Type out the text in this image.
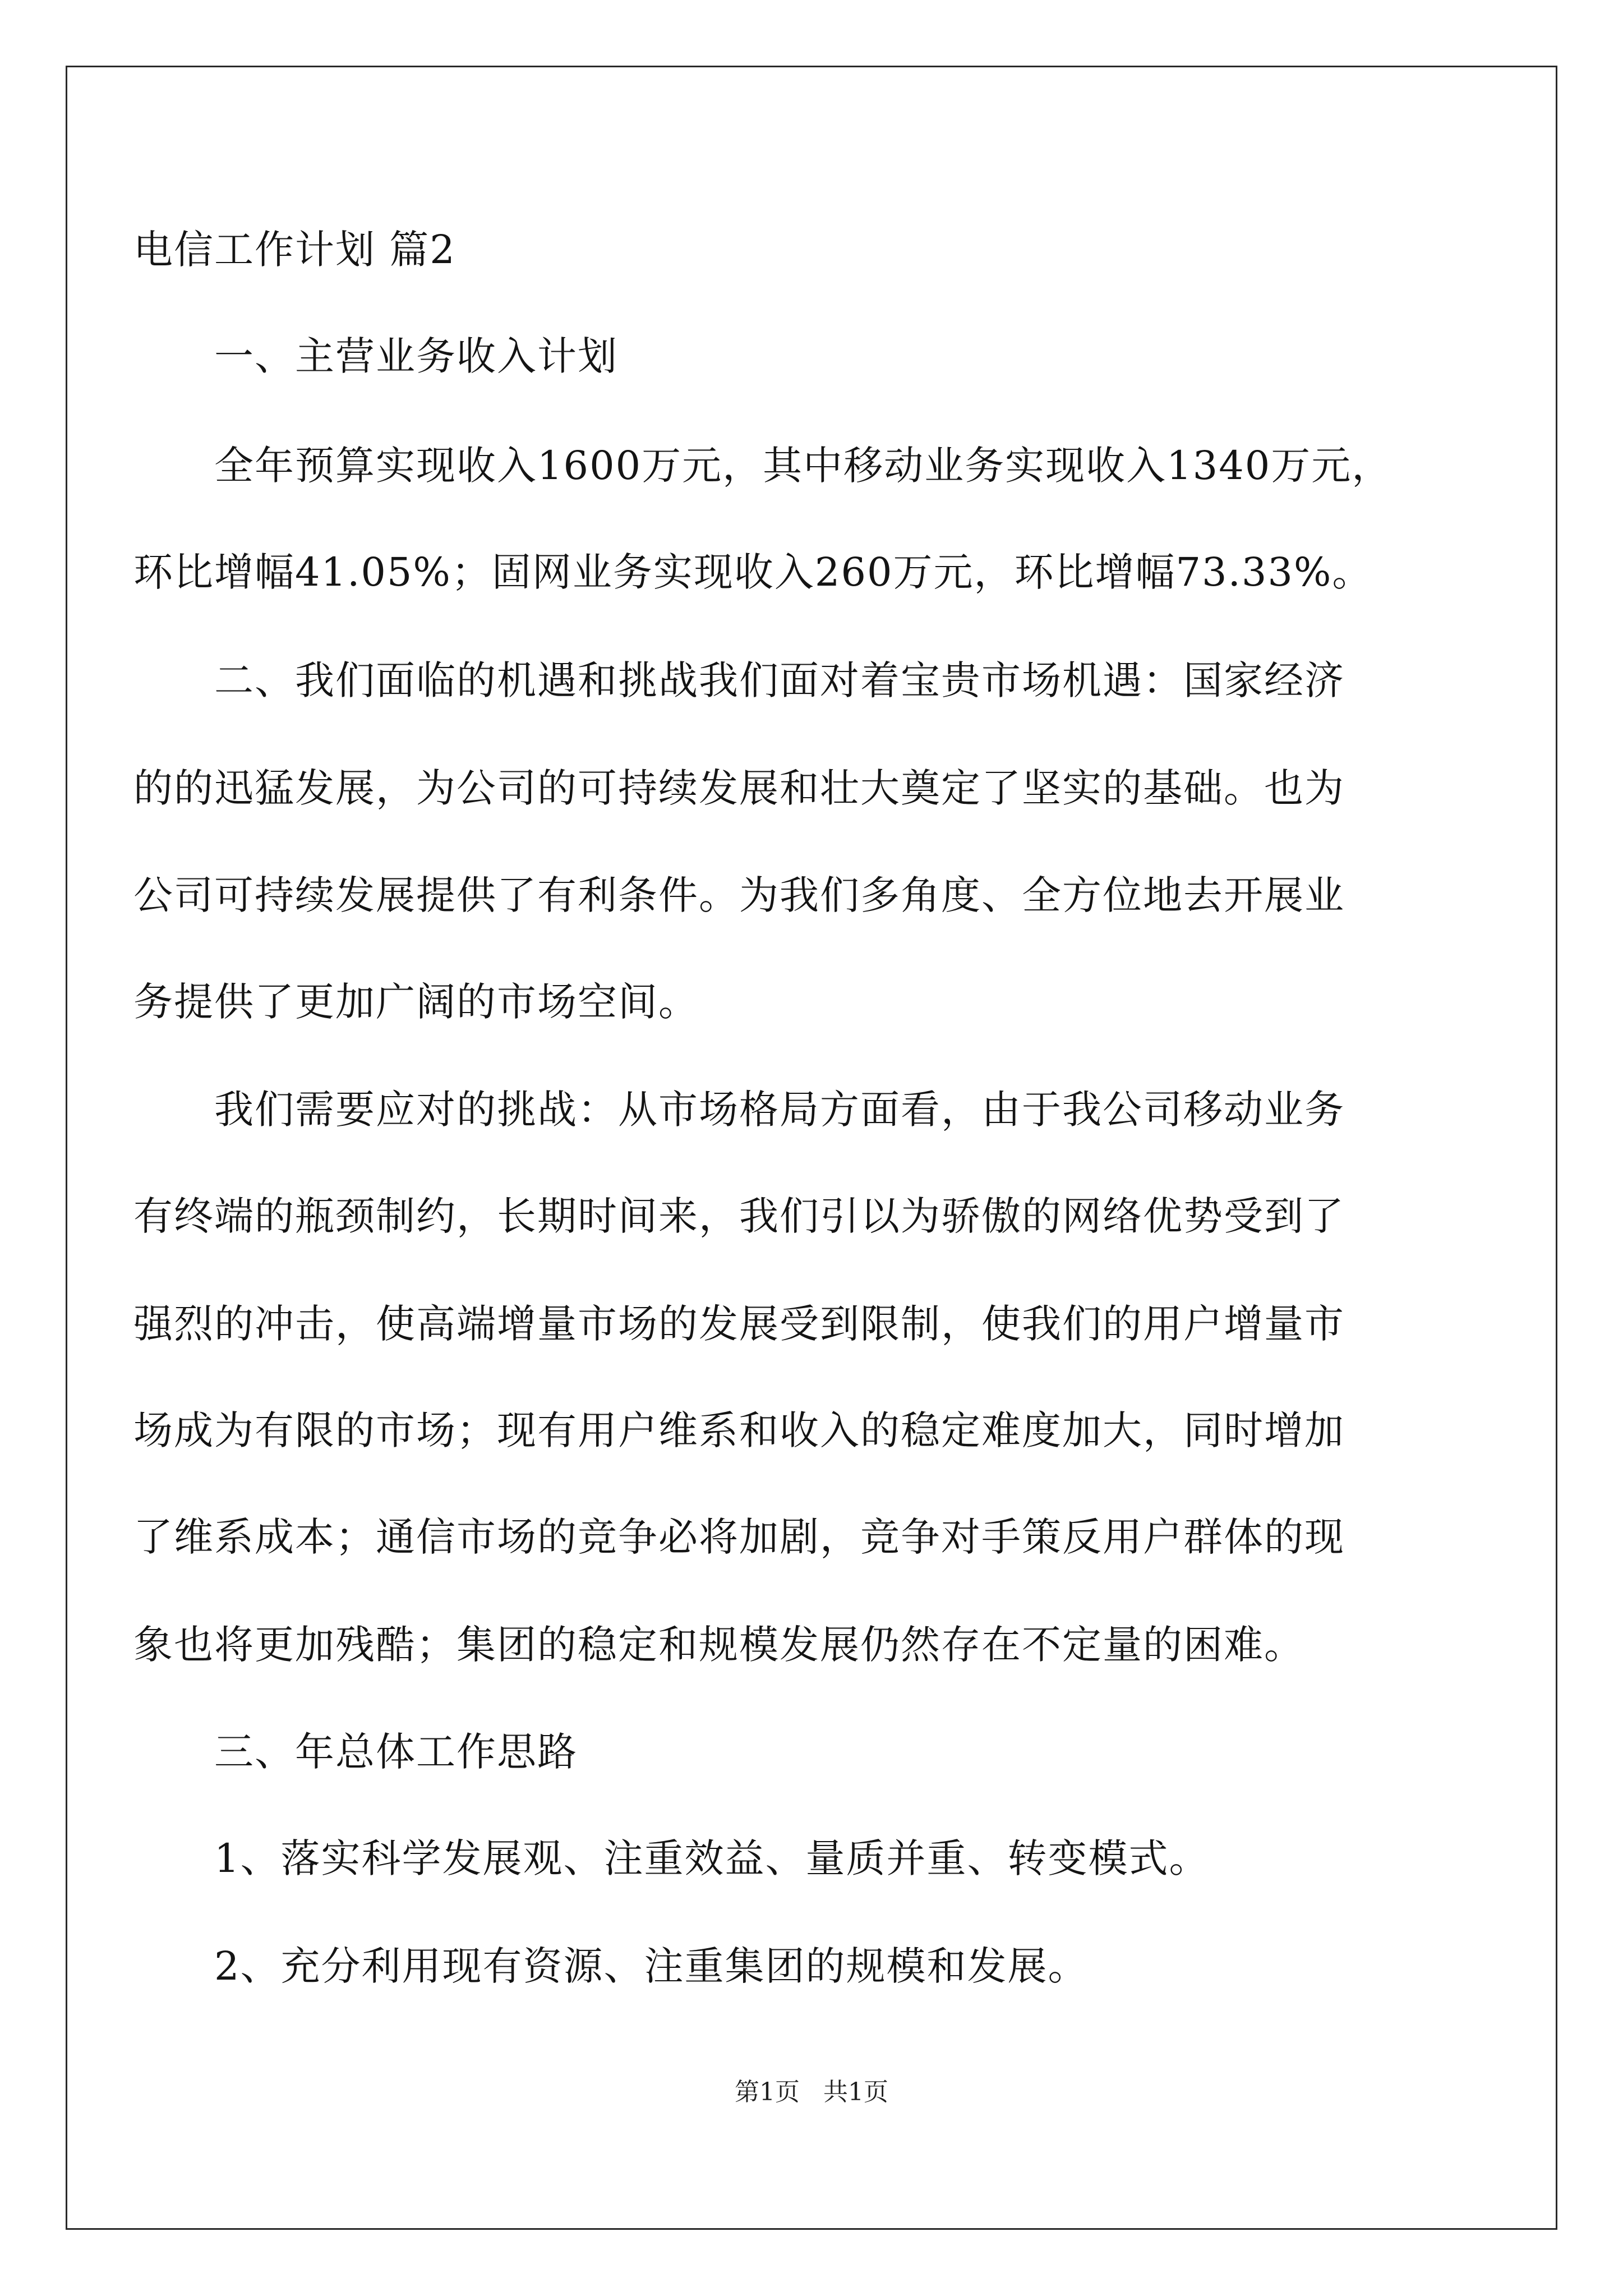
电信工作计划 篇2
一、主营业务收入计划
全年预算实现收入1600万元，其中移动业务实现收入1340万元，
环比增幅41.05%；固网业务实现收入260万元，环比增幅73.33%。
二、我们面临的机遇和挑战我们面对着宝贵市场机遇：国家经济
的的迅猛发展，为公司的可持续发展和壮大奠定了坚实的基础。也为
公司可持续发展提供了有利条件。为我们多角度、全方位地去开展业
务提供了更加广阔的市场空间。
我们需要应对的挑战：从市场格局方面看，由于我公司移动业务
有终端的瓶颈制约，长期时间来，我们引以为骄傲的网络优势受到了
强烈的冲击，使高端增量市场的发展受到限制，使我们的用户增量市
场成为有限的市场；现有用户维系和收入的稳定难度加大，同时增加
了维系成本；通信市场的竞争必将加剧，竞争对手策反用户群体的现
象也将更加残酷；集团的稳定和规模发展仍然存在不定量的困难。
三、年总体工作思路
1、落实科学发展观、注重效益、量质并重、转变模式。
2、充分利用现有资源、注重集团的规模和发展。
第1页   共1页
